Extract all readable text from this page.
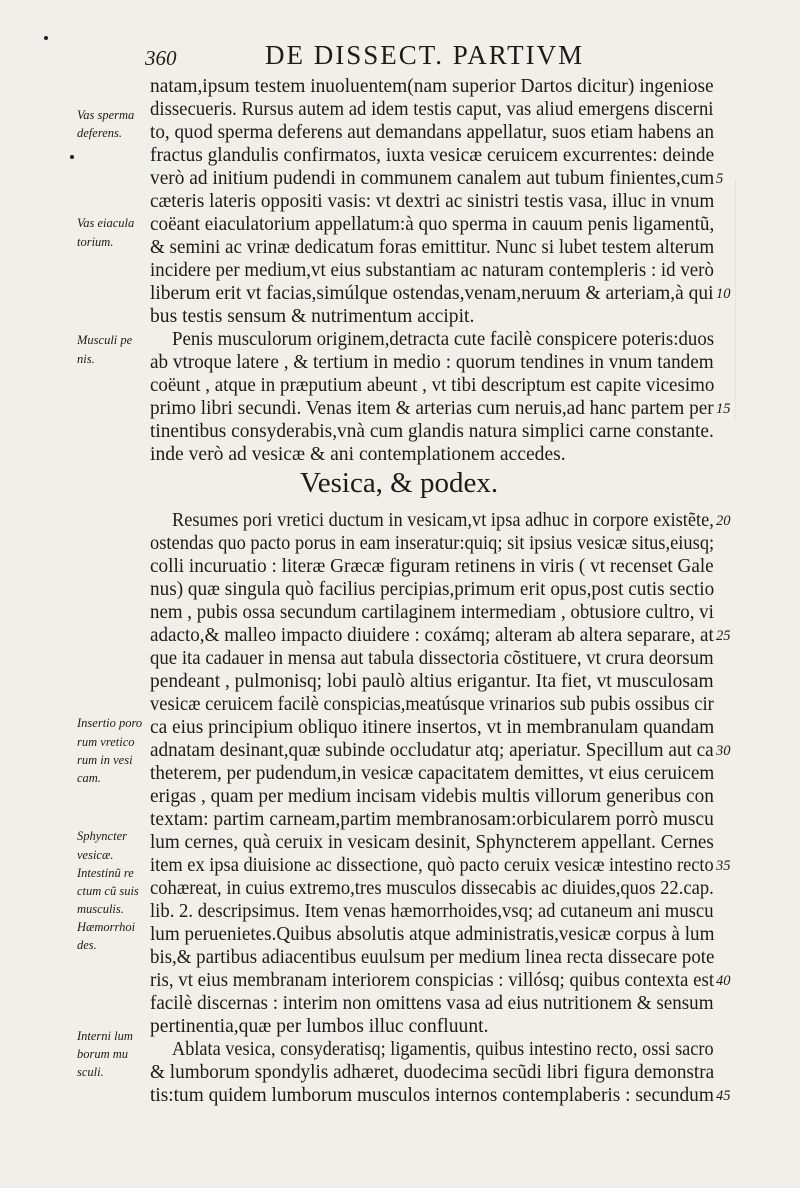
360	DE DISSECT. PARTIVM
natam,ipsum testem inuoluentem(nam superior Dartos dicitur) ingeniose
dissecueris. Rursus autem ad idem testis caput, vas aliud emergens discerni
to, quod sperma deferens aut demandans appellatur, suos etiam habens an
fractus glandulis confirmatos, iuxta vesicæ ceruicem excurrentes: deinde
verò ad initium pudendi in communem canalem aut tubum finientes,cum
cæteris lateris oppositi vasis: vt dextri ac sinistri testis vasa, illuc in vnum
coëant eiaculatorium appellatum:à quo sperma in cauum penis ligamentũ,
& semini ac vrinæ dedicatum foras emittitur. Nunc si lubet testem alterum
incidere per medium,vt eius substantiam ac naturam contempleris : id verò
liberum erit vt facias,simúlque ostendas,venam,neruum & arteriam,à qui
bus testis sensum & nutrimentum accipit.
Penis musculorum originem,detracta cute facilè conspicere poteris:duos
ab vtroque latere , & tertium in medio : quorum tendines in vnum tandem
coëunt , atque in præputium abeunt , vt tibi descriptum est capite vicesimo
primo libri secundi. Venas item & arterias cum neruis,ad hanc partem per
tinentibus consyderabis,vnà cum glandis natura simplici carne constante.
inde verò ad vesicæ & ani contemplationem accedes.
Vesica, & podex.
Resumes pori vretici ductum in vesicam,vt ipsa adhuc in corpore existẽte,
ostendas quo pacto porus in eam inseratur:quiq; sit ipsius vesicæ situs,eiusq;
colli incuruatio : literæ Græcæ figuram retinens in viris ( vt recenset Gale
nus) quæ singula quò facilius percipias,primum erit opus,post cutis sectio
nem , pubis ossa secundum cartilaginem intermediam , obtusiore cultro, vi
adacto,& malleo impacto diuidere : coxámq; alteram ab altera separare, at
que ita cadauer in mensa aut tabula dissectoria cõstituere, vt crura deorsum
pendeant , pulmonisq; lobi paulò altius erigantur. Ita fiet, vt musculosam
vesicæ ceruicem facilè conspicias,meatúsque vrinarios sub pubis ossibus cir
ca eius principium obliquo itinere insertos, vt in membranulam quandam
adnatam desinant,quæ subinde occludatur atq; aperiatur. Specillum aut ca
theterem, per pudendum,in vesicæ capacitatem demittes, vt eius ceruicem
erigas , quam per medium incisam videbis multis villorum generibus con
textam: partim carneam,partim membranosam:orbicularem porrò muscu
lum cernes, quà ceruix in vesicam desinit, Sphyncterem appellant. Cernes
item ex ipsa diuisione ac dissectione, quò pacto ceruix vesicæ intestino recto
cohæreat, in cuius extremo,tres musculos dissecabis ac diuides,quos 22.cap.
lib. 2. descripsimus. Item venas hæmorrhoides,vsq; ad cutaneum ani muscu
lum peruenietes.Quibus absolutis atque administratis,vesicæ corpus à lum
bis,& partibus adiacentibus euulsum per medium linea recta dissecare pote
ris, vt eius membranam interiorem conspicias : villósq; quibus contexta est
facilè discernas : interim non omittens vasa ad eius nutritionem & sensum
pertinentia,quæ per lumbos illuc confluunt.
Ablata vesica, consyderatisq; ligamentis, quibus intestino recto, ossi sacro
& lumborum spondylis adhæret, duodecima secũdi libri figura demonstra
tis:tum quidem lumborum musculos internos contemplaberis : secundum
Vas sperma
deferens.
Vas eiacula
torium.
Musculi pe
nis.
Insertio poro
rum vretico
rum in vesi
cam.
Sphyncter
vesicæ.
Intestinũ re
ctum cũ suis
musculis.
Hæmorrhoi
des.
Interni lum
borum mu
sculi.
5
10
15
20
25
30
35
40
45
